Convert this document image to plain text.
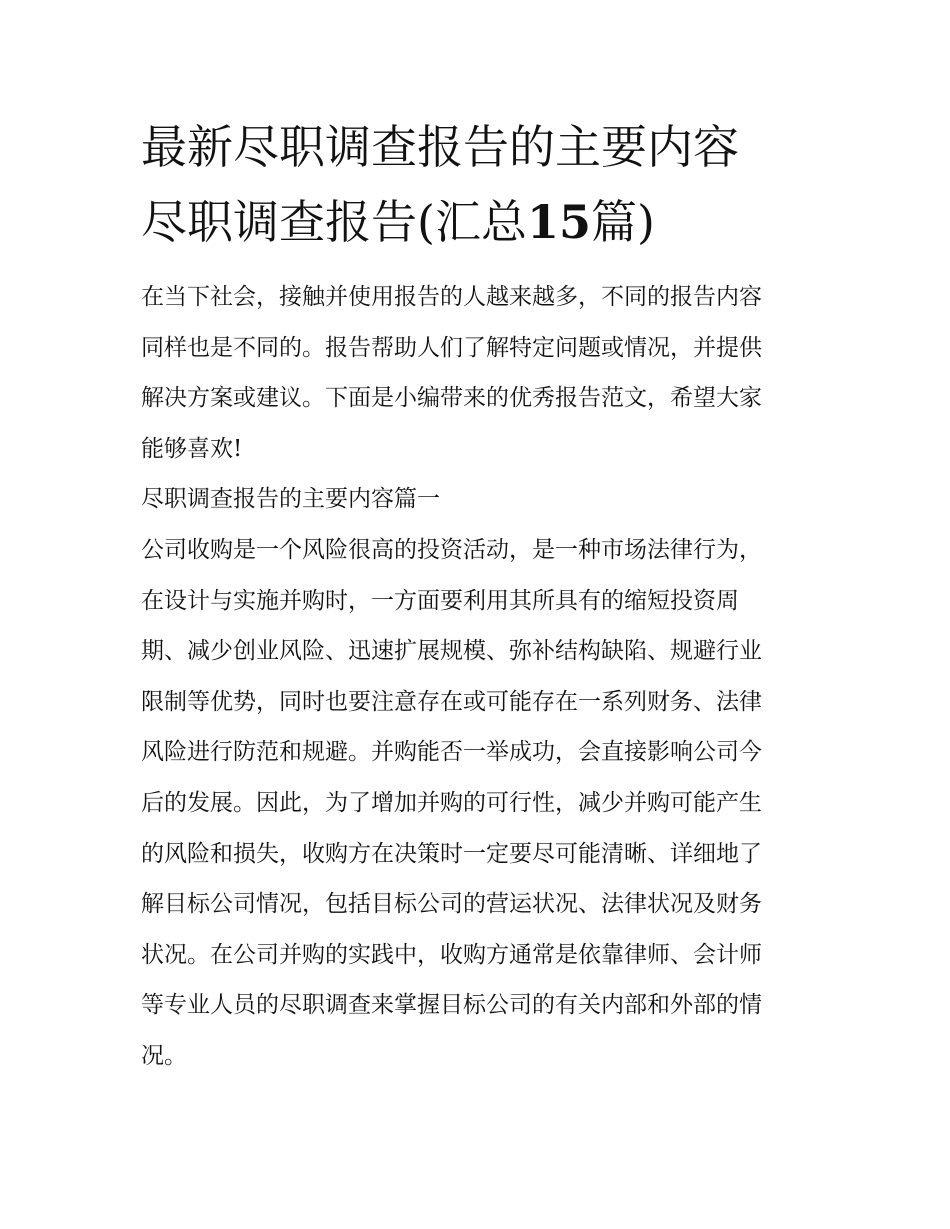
最新尽职调查报告的主要内容
尽职调查报告(汇总15篇)

在当下社会，接触并使用报告的人越来越多，不同的报告内容
同样也是不同的。报告帮助人们了解特定问题或情况，并提供
解决方案或建议。下面是小编带来的优秀报告范文，希望大家
能够喜欢!

尽职调查报告的主要内容篇一

公司收购是一个风险很高的投资活动，是一种市场法律行为，
在设计与实施并购时，一方面要利用其所具有的缩短投资周
期、减少创业风险、迅速扩展规模、弥补结构缺陷、规避行业
限制等优势，同时也要注意存在或可能存在一系列财务、法律
风险进行防范和规避。并购能否一举成功，会直接影响公司今
后的发展。因此，为了增加并购的可行性，减少并购可能产生
的风险和损失，收购方在决策时一定要尽可能清晰、详细地了
解目标公司情况，包括目标公司的营运状况、法律状况及财务
状况。在公司并购的实践中，收购方通常是依靠律师、会计师
等专业人员的尽职调查来掌握目标公司的有关内部和外部的情
况。
